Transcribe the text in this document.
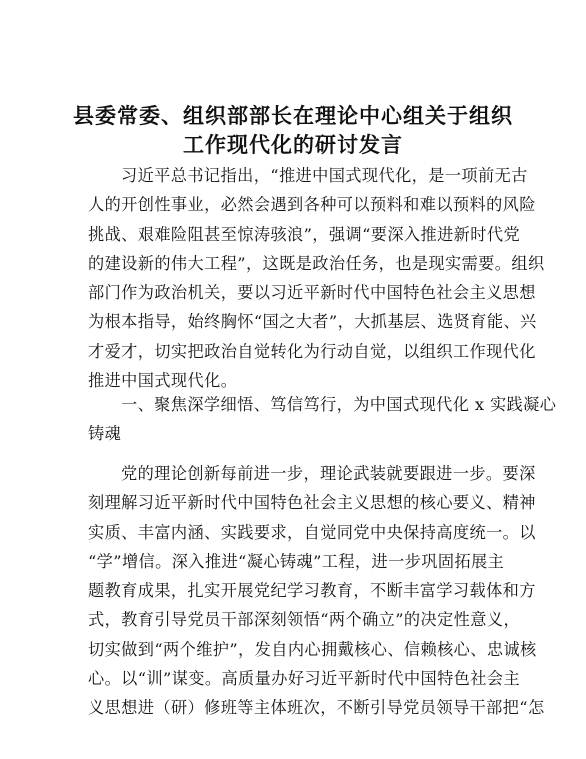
县委常委、组织部部长在理论中心组关于组织
工作现代化的研讨发言
习近平总书记指出，“推进中国式现代化，是一项前无古
人的开创性事业，必然会遇到各种可以预料和难以预料的风险
挑战、艰难险阻甚至惊涛骇浪”，强调“要深入推进新时代党
的建设新的伟大工程”，这既是政治任务，也是现实需要。组织
部门作为政治机关，要以习近平新时代中国特色社会主义思想
为根本指导，始终胸怀“国之大者”，大抓基层、选贤育能、兴
才爱才，切实把政治自觉转化为行动自觉，以组织工作现代化
推进中国式现代化。
一、聚焦深学细悟、笃信笃行，为中国式现代化 x 实践凝心
铸魂
党的理论创新每前进一步，理论武装就要跟进一步。要深
刻理解习近平新时代中国特色社会主义思想的核心要义、精神
实质、丰富内涵、实践要求，自觉同党中央保持高度统一。以
“学”增信。深入推进“凝心铸魂”工程，进一步巩固拓展主
题教育成果，扎实开展党纪学习教育，不断丰富学习载体和方
式，教育引导党员干部深刻领悟“两个确立”的决定性意义，
切实做到“两个维护”，发自内心拥戴核心、信赖核心、忠诚核
心。以“训”谋变。高质量办好习近平新时代中国特色社会主
义思想进（研）修班等主体班次，不断引导党员领导干部把“怎
